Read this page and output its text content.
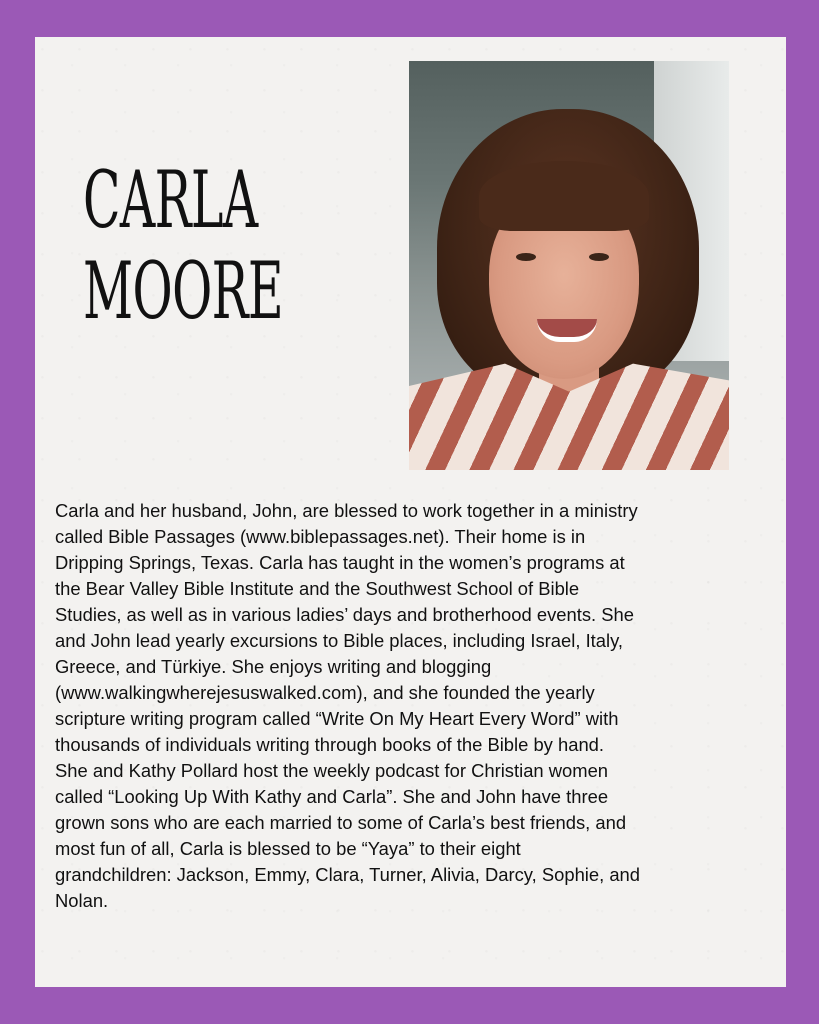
CARLA
MOORE
Carla and her husband, John, are blessed to work together in a ministry
called Bible Passages (www.biblepassages.net). Their home is in
Dripping Springs, Texas. Carla has taught in the women’s programs at
the Bear Valley Bible Institute and the Southwest School of Bible
Studies, as well as in various ladies’ days and brotherhood events. She
and John lead yearly excursions to Bible places, including Israel, Italy,
Greece, and Türkiye. She enjoys writing and blogging
(www.walkingwherejesuswalked.com), and she founded the yearly
scripture writing program called “Write On My Heart Every Word” with
thousands of individuals writing through books of the Bible by hand.
She and Kathy Pollard host the weekly podcast for Christian women
called “Looking Up With Kathy and Carla”. She and John have three
grown sons who are each married to some of Carla’s best friends, and
most fun of all, Carla is blessed to be “Yaya” to their eight
grandchildren: Jackson, Emmy, Clara, Turner, Alivia, Darcy, Sophie, and
Nolan.
